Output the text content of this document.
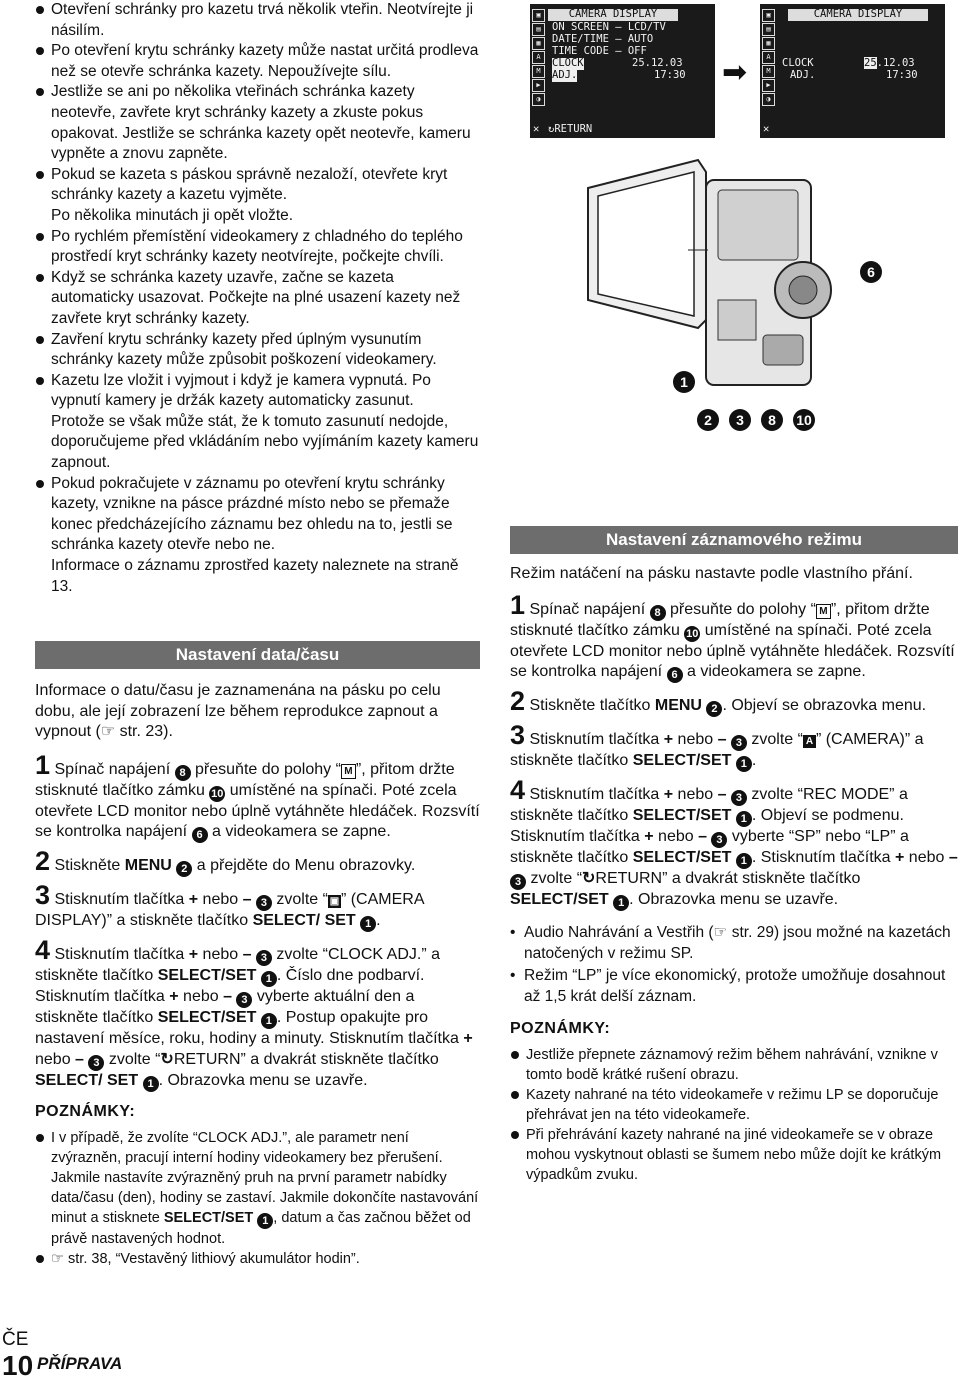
Otevření schránky pro kazetu trvá několik vteřin. Neotvírejte ji násilím.

Po otevření krytu schránky kazety může nastat určitá prodleva než se otevře schránka kazety. Nepoužívejte sílu.

Jestliže se ani po několika vteřinách schránka kazety neotevře, zavřete kryt schránky kazety a zkuste pokus opakovat. Jestliže se schránka kazety opět neotevře, kameru vypněte a znovu zapněte.

Pokud se kazeta s páskou správně nezaloží, otevřete kryt schránky kazety a kazetu vyjměte.

Po několika minutách ji opět vložte.

Po rychlém přemístění videokamery z chladného do teplého prostředí kryt schránky kazety neotvírejte, počkejte chvíli.

Když se schránka kazety uzavře, začne se kazeta automaticky usazovat. Počkejte na plné usazení kazety než zavřete kryt schránky kazety.

Zavření krytu schránky kazety před úplným vysunutím schránky kazety může způsobit poškození videokamery.

Kazetu lze vložit i vyjmout i když je kamera vypnutá. Po vypnutí kamery je držák kazety automaticky zasunut.

Protože se však může stát, že k tomuto zasunutí nedojde, doporučujeme před vkládáním nebo vyjímáním kazety kameru zapnout.

Pokud pokračujete v záznamu po otevření krytu schránky kazety, vznikne na pásce prázdné místo nebo se přemaže konec předcházejícího záznamu bez ohledu na to, jestli se schránka kazety otevře nebo ne.

Informace o záznamu zprostřed kazety naleznete na straně 13.

Nastavení data/času

Informace o datu/času je zaznamenána na pásku po celu dobu, ale její zobrazení lze během reprodukce zapnout a vypnout (☞ str. 23).

1 Spínač napájení 8 přesuňte do polohy “ M ”, přitom držte stisknuté tlačítko zámku 10 umístěné na spínači. Poté zcela otevřete LCD monitor nebo úplně vytáhněte hledáček. Rozsvítí se kontrolka napájení 6 a videokamera se zapne.

2 Stiskněte MENU 2 a přejděte do Menu obrazovky.

3 Stisknutím tlačítka + nebo – 3 zvolte “ ▣ ” (CAMERA DISPLAY)” a stiskněte tlačítko SELECT/ SET 1 .

4 Stisknutím tlačítka + nebo – 3 zvolte “CLOCK ADJ.” a stiskněte tlačítko SELECT/SET 1 . Číslo dne podbarví. Stisknutím tlačítka + nebo – 3 vyberte aktuální den a stiskněte tlačítko SELECT/SET 1 . Postup opakujte pro nastavení měsíce, roku, hodiny a minuty. Stisknutím tlačítka + nebo – 3 zvolte “↻RETURN” a dvakrát stiskněte tlačítko SELECT/ SET 1 . Obrazovka menu se uzavře.

POZNÁMKY:

I v případě, že zvolíte “CLOCK ADJ.”, ale parametr není zvýrazněn, pracují interní hodiny videokamery bez přerušení. Jakmile nastavíte zvýrazněný pruh na první parametr nabídky data/času (den), hodiny se zastaví. Jakmile dokončíte nastavování minut a stisknete SELECT/SET 1 , datum a čas začnou běžet od právě nastavených hodnot.

☞ str. 38, “Vestavěný lithiový akumulátor hodin”.

▣
▤
▦
A
M
▶
◑
CAMERA DISPLAY
ON SCREEN – LCD/TV
DATE/TIME – AUTO
TIME CODE – OFF
CLOCK
ADJ.
25.12.03
17:30
✕ ↻RETURN
➡
▣
▤
▦
A
M
▶
◑
CAMERA DISPLAY
CLOCK
ADJ.
25.12.03
17:30
✕
6
1
2	3	8	10
Nastavení záznamového režimu

Režim natáčení na pásku nastavte podle vlastního přání.

1 Spínač napájení 8 přesuňte do polohy “ M ”, přitom držte stisknuté tlačítko zámku 10 umístěné na spínači. Poté zcela otevřete LCD monitor nebo úplně vytáhněte hledáček. Rozsvítí se kontrolka napájení 6 a videokamera se zapne.

2 Stiskněte tlačítko MENU 2 . Objeví se obrazovka menu.

3 Stisknutím tlačítka + nebo – 3 zvolte “ A ” (CAMERA)” a stiskněte tlačítko SELECT/SET 1 .

4 Stisknutím tlačítka + nebo – 3 zvolte “REC MODE” a stiskněte tlačítko SELECT/SET 1 . Objeví se podmenu. Stisknutím tlačítka + nebo – 3 vyberte “SP” nebo “LP” a stiskněte tlačítko SELECT/SET 1 . Stisknutím tlačítka + nebo – 3 zvolte “↻RETURN” a dvakrát stiskněte tlačítko SELECT/SET 1 . Obrazovka menu se uzavře.

• Audio Nahrávání a Vestřih (☞ str. 29) jsou možné na kazetách natočených v režimu SP.

• Režim “LP” je více ekonomický, protože umožňuje dosahnout až 1,5 krát delší záznam.

POZNÁMKY:

Jestliže přepnete záznamový režim během nahrávání, vznikne v tomto bodě krátké rušení obrazu.

Kazety nahrané na této videokameře v režimu LP se doporučuje přehrávat jen na této videokameře.

Při přehrávání kazety nahrané na jiné videokameře se v obraze mohou vyskytnout oblasti se šumem nebo může dojít ke krátkým výpadkům zvuku.

ČE
10 PŘÍPRAVA
